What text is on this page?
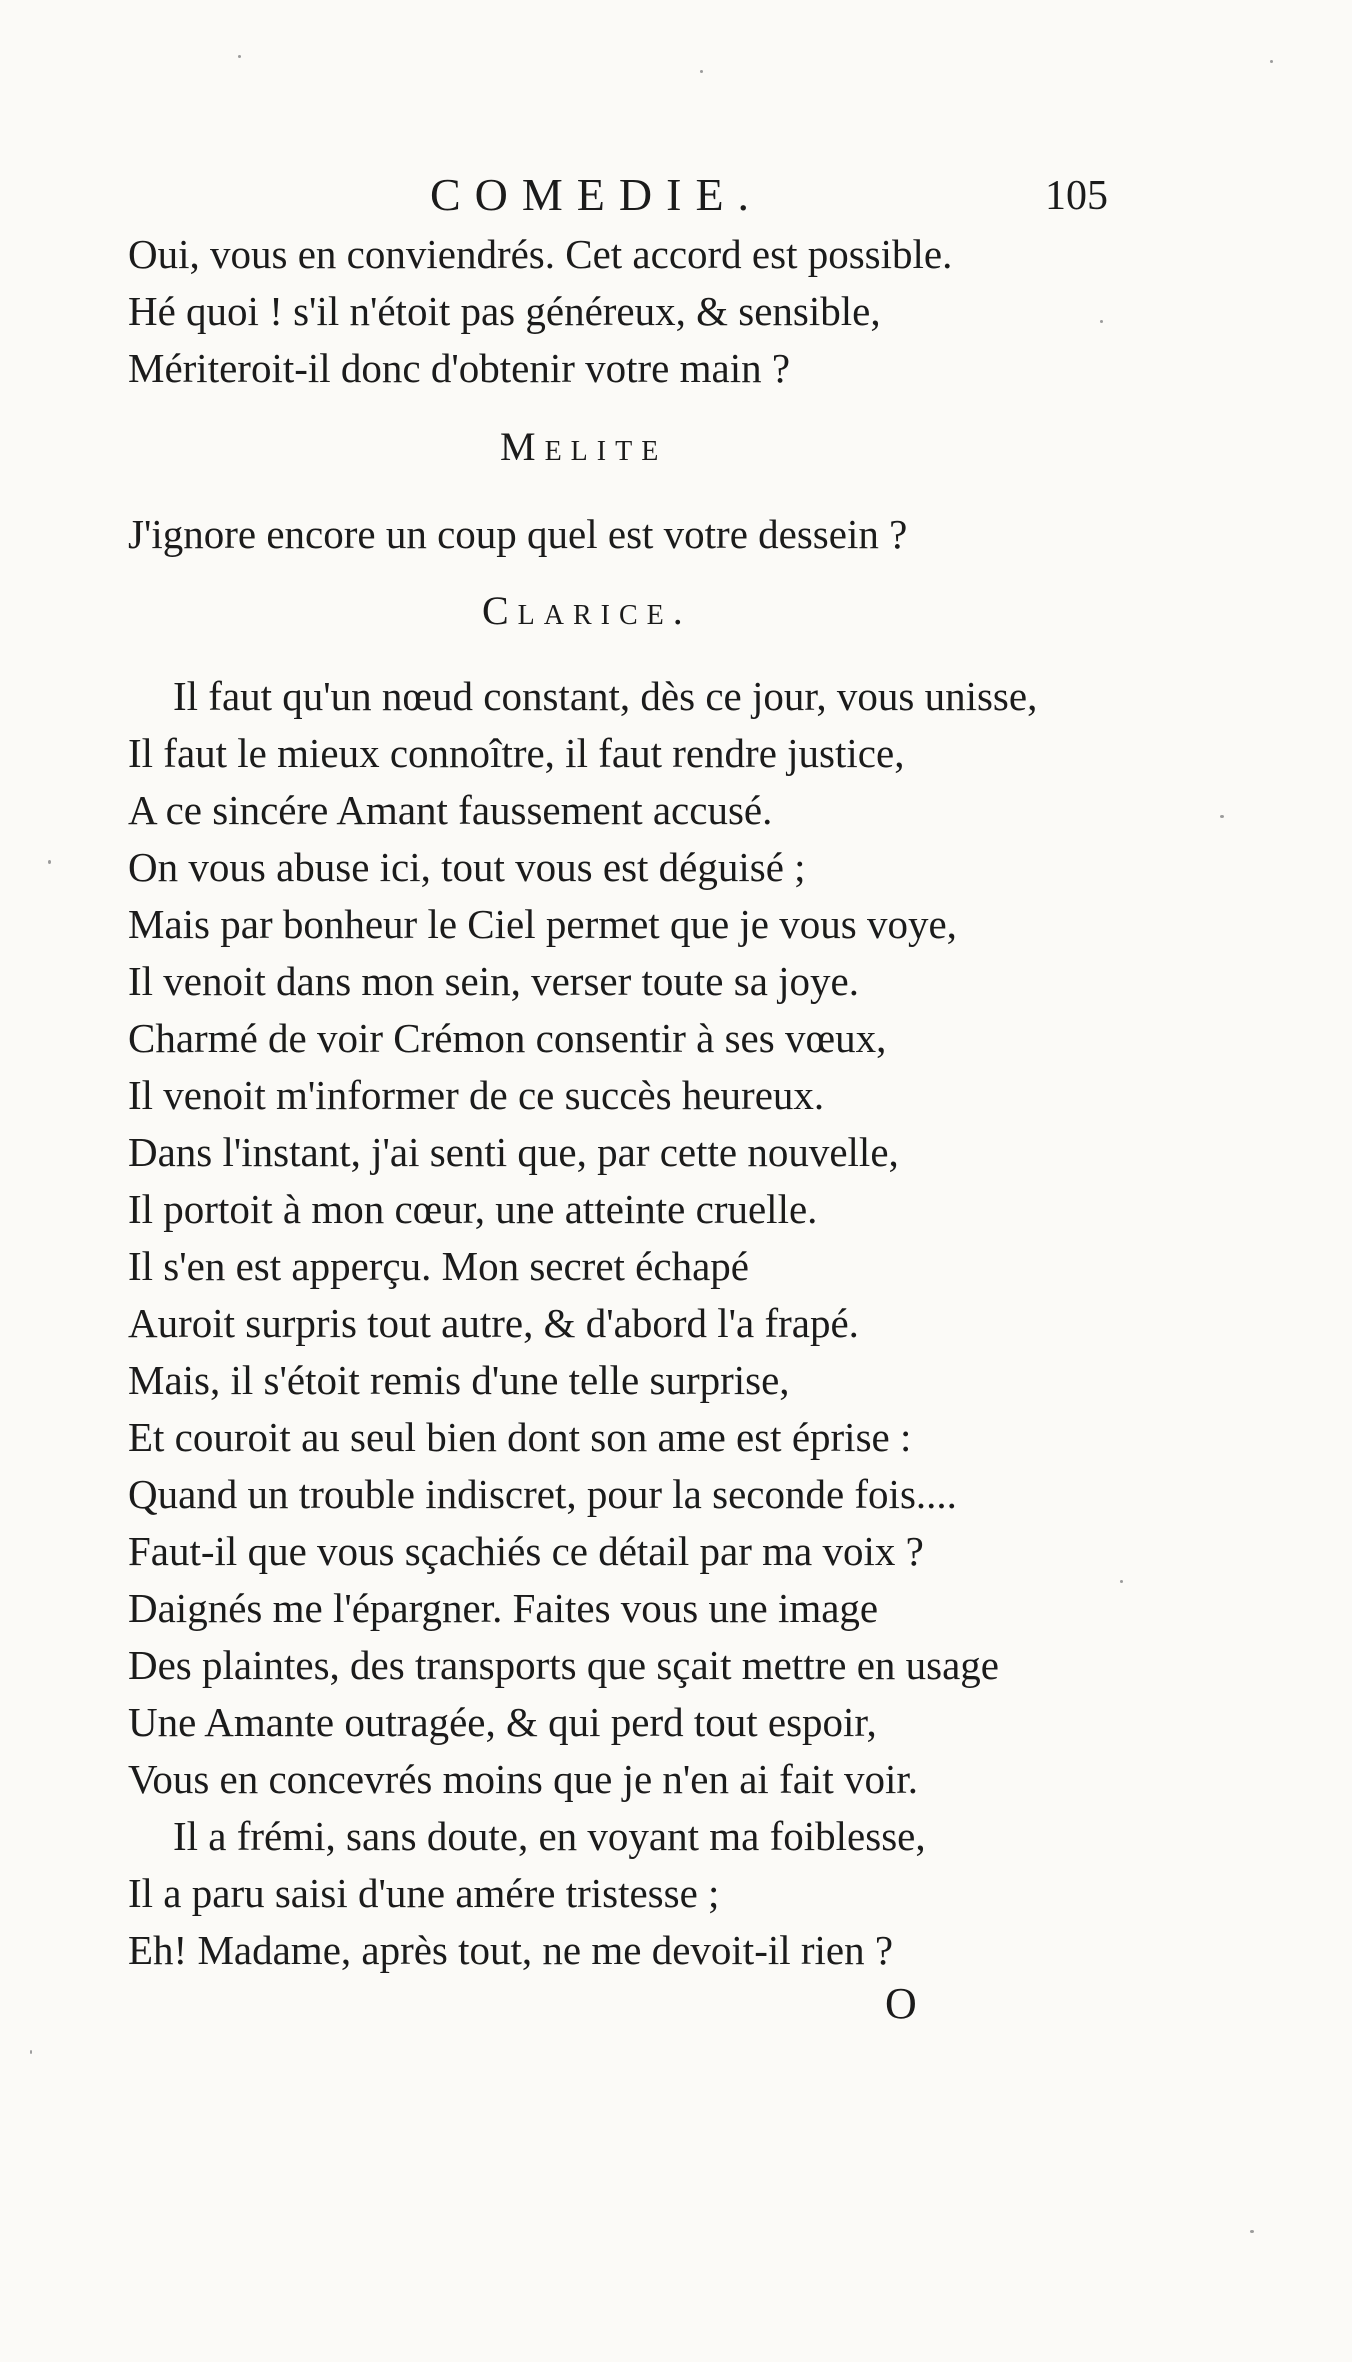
COMEDIE.	105
Oui, vous en conviendrés. Cet accord est possible.
Hé quoi ! s'il n'étoit pas généreux, & sensible,
Mériteroit-il donc d'obtenir votre main ?
Melite
J'ignore encore un coup quel est votre dessein ?
Clarice.
Il faut qu'un nœud constant, dès ce jour, vous unisse,
Il faut le mieux connoître, il faut rendre justice,
A ce sincére Amant faussement accusé.
On vous abuse ici, tout vous est déguisé ;
Mais par bonheur le Ciel permet que je vous voye,
Il venoit dans mon sein, verser toute sa joye.
Charmé de voir Crémon consentir à ses vœux,
Il venoit m'informer de ce succès heureux.
Dans l'instant, j'ai senti que, par cette nouvelle,
Il portoit à mon cœur, une atteinte cruelle.
Il s'en est apperçu. Mon secret échapé
Auroit surpris tout autre, & d'abord l'a frapé.
Mais, il s'étoit remis d'une telle surprise,
Et couroit au seul bien dont son ame est éprise :
Quand un trouble indiscret, pour la seconde fois....
Faut-il que vous sçachiés ce détail par ma voix ?
Daignés me l'épargner. Faites vous une image
Des plaintes, des transports que sçait mettre en usage
Une Amante outragée, & qui perd tout espoir,
Vous en concevrés moins que je n'en ai fait voir.
Il a frémi, sans doute, en voyant ma foiblesse,
Il a paru saisi d'une amére tristesse ;
Eh! Madame, après tout, ne me devoit-il rien ?
O
